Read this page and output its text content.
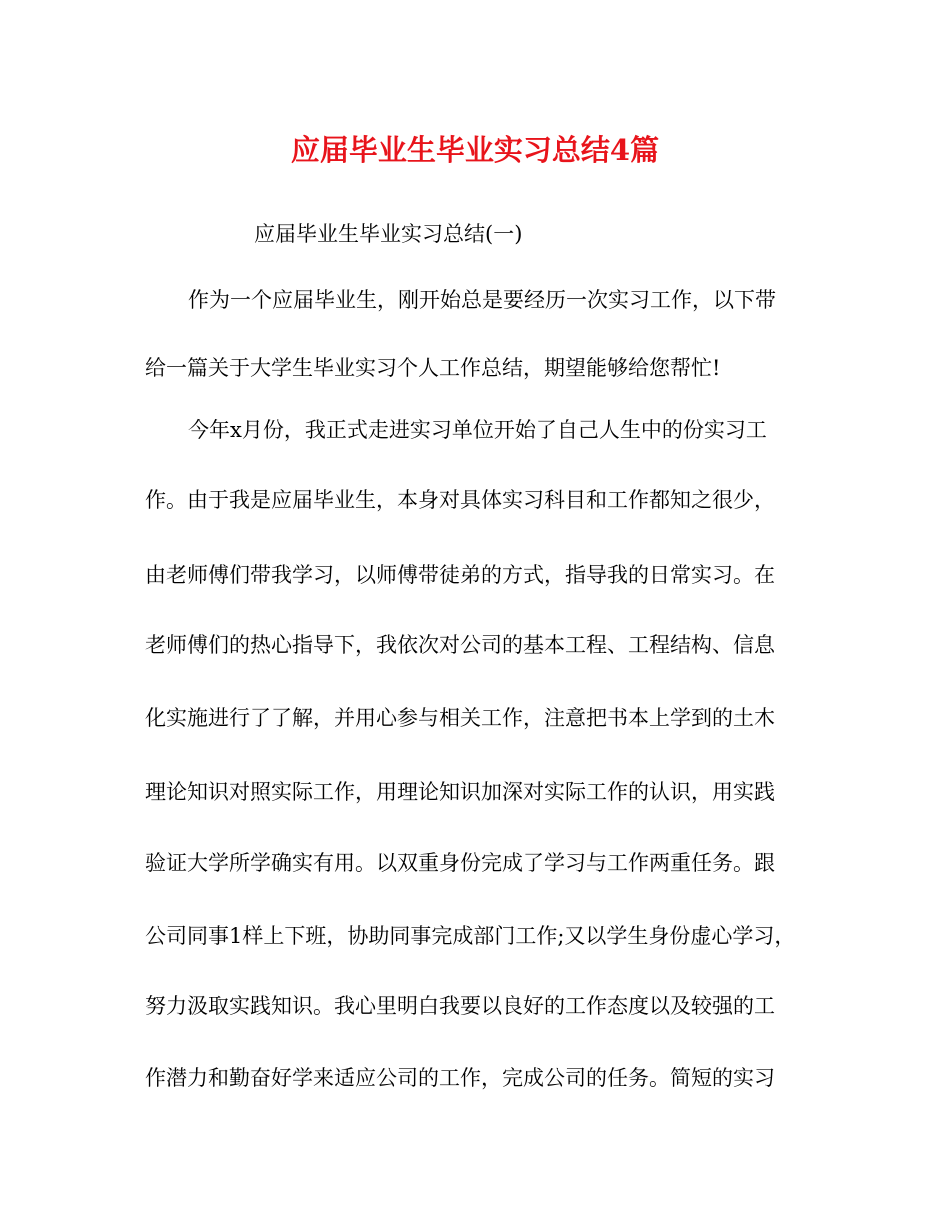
应届毕业生毕业实习总结4篇

应届毕业生毕业实习总结(一)

作为一个应届毕业生，刚开始总是要经历一次实习工作，以下带

给一篇关于大学生毕业实习个人工作总结，期望能够给您帮忙!

今年x月份，我正式走进实习单位开始了自己人生中的份实习工

作。由于我是应届毕业生，本身对具体实习科目和工作都知之很少，

由老师傅们带我学习，以师傅带徒弟的方式，指导我的日常实习。在

老师傅们的热心指导下，我依次对公司的基本工程、工程结构、信息

化实施进行了了解，并用心参与相关工作，注意把书本上学到的土木

理论知识对照实际工作，用理论知识加深对实际工作的认识，用实践

验证大学所学确实有用。以双重身份完成了学习与工作两重任务。跟

公司同事1样上下班，协助同事完成部门工作;又以学生身份虚心学习，

努力汲取实践知识。我心里明白我要以良好的工作态度以及较强的工

作潜力和勤奋好学来适应公司的工作，完成公司的任务。简短的实习
